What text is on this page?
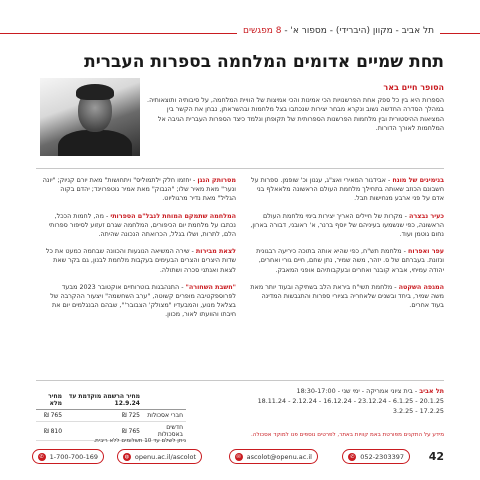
תל אביב - מקוון (היברידי) - מספור א' - 8 מפגשים
תחת שמיים אדומים המלחמה בספרות העברית
הסופר חיים באר
הספרות היא בין כל ספק אחת הפרשנויות הכי אמינות והכי אמיצות של הוויית המלחמה, על סיבותיה ותוצאותיה. במהלך הסדרה החדשה נשוב ונקרא מבחר יצירות שנכתבו בצל מלחמות ובהשראתן, נבחן את הקשר בין המציאות ההיסטורית ובין מלחמות הפרשנות הספרותית של תקופתן ונלמד כיצד הספרות העברית הגיבה אל המלחמות לאורך הדורות.
בנימינים של מונח - אבידגור המאירי ואצ"ג, עגנון וכ' שופמן. ספרות על חשבונם הכוזב שאותה בתחילך מלחמת העולם הראשונה מלאאלף בני אדם על פני ארבע מנחישות תבל.
כעיר נבצרה - מקרות של חיילים האריך יצירות בימי מלחמת העולם הראשונה, כפי שנשמעו בעיניהם של יוסף ברנר, א' ראובני, דבורה בארון, נחום גוטמן ועוד.
עפר ואפרוח - מלחמת תש"ח, כפי שהיא אותה בתוכה כיריעה רבגונית ונזונת. בעברתם של ס. יזהר, משה שמיר, נתן שחם, חיים גורי ואחרים, יהודה עמיחי, אברא קובנר ואחרים ובעקבותיהם אופני המאבק.
המגפה השקטה - מלחמת תשי"ח ביראת הלב בשתיקה ובעוד יותר מאת משה שמיר, ביחד ובשנים שלאחריה בציורי ספרות והתגבשות המדינה בעוד אחרים.
מסרותק הנגן - יחזמו חלק ילתמוליס" ויתחושות" מאת יורם קניוק; "יונה ונער" מאת מאיר שלו; "הגבוק" מאת אמיר גוטפרוינד; יהדם בקוה הגליל" מאת נדיר מרגוליוט.
המלחמה שתמקם המוחת לנבל"ם הספרותי - מה, לחמות הככל, נכתבו על מלחמת יום הכיפורים, המלחמה שגרם זעזוע לסיפור ספרותי הלם, לתרות, ושלו בגלל, הכרואתה הנכונה שהיתה.
לצאת מבירות - שירה המשיאה הנוגעות והכוונה שבחמה כמעט את כל שדות היצרים והצרים הבעימים בעקבות מלחמת לבנון, גם בקר שאת לצאת ואנתני סכרה ושתולה.
"חשבת השחורה" - התנהבגות בוטרותיים אוקטובר 2023 מבעד לפרוספקטיבה מופרים קשוטה, "ערב השחשמה" ויצעור ההקרבה של בצלאל מנוע, והמבעדיו "מצולק' הצבובר'", שבהם הבנגלמים יום את חיבתו והוועתו לאור, מכוון.
תל אביב - בית ציוני אמריקה - ימי שני - 18:30-17:00
20.1.25 - 6.1.25 - 23.12.24 - 16.12.24 - 2.12.24 - 18.11.24
17.2.25 - 3.2.25
מידע על התקנים מפורטת באמ קוויות באתר, לפרטים נוספים פנו למוקד אסכולה.
	מחיר הרשמה מוקדמת עד 12.9.24	מחיר מלא
חברי אסכולות	725 ₪	765 ₪
חדשים באסכולות	765 ₪	810 ₪
ניתן לשלם עד 10 תשלומים ללא ריבית.
42
✆ 052-2303397
✉ ascolot@openu.ac.il
◍ openu.ac.il/ascolot
✆ 1-700-700-169
